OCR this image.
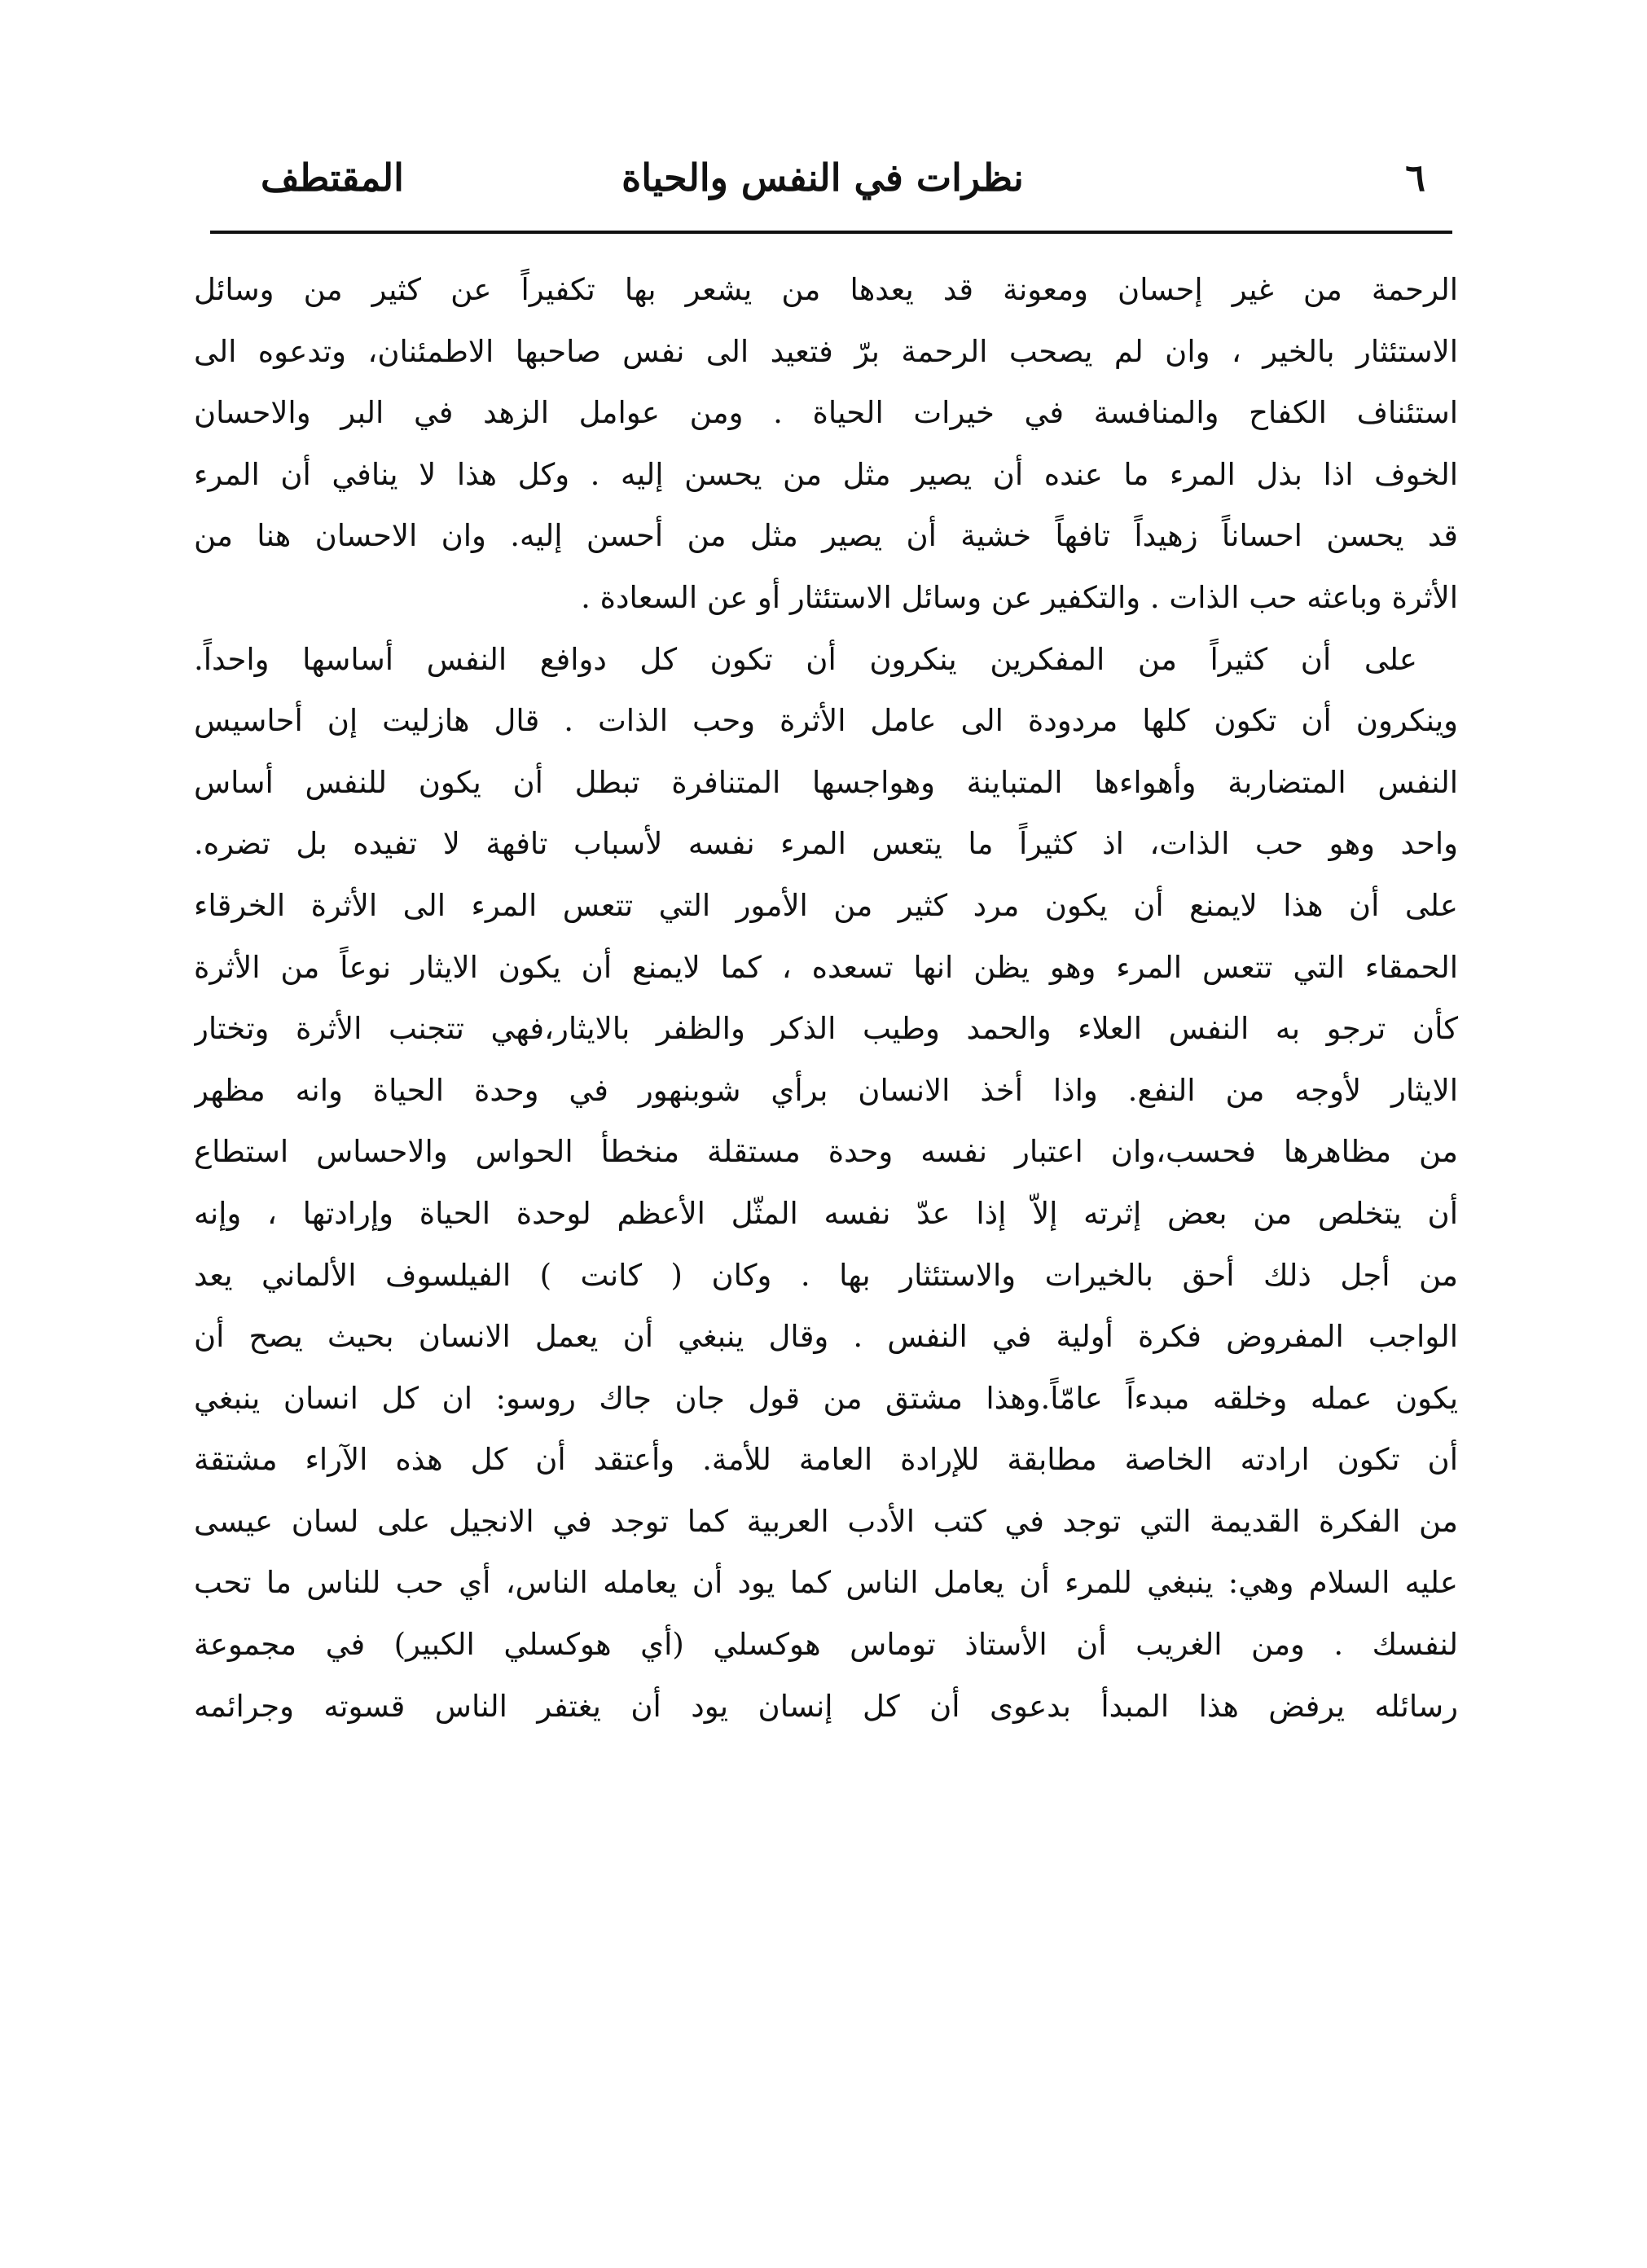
٦
نظرات في النفس والحياة
المقتطف
الرحمة من غير إحسان ومعونة قد يعدها من يشعر بها تكفيراً عن كثير من وسائل
الاستئثار بالخير ، وان لم يصحب الرحمة برّ فتعيد الى نفس صاحبها الاطمئنان، وتدعوه الى
استئناف الكفاح والمنافسة في خيرات الحياة . ومن عوامل الزهد في البر والاحسان
الخوف اذا بذل المرء ما عنده أن يصير مثل من يحسن إليه . وكل هذا لا ينافي أن المرء
قد يحسن احساناً زهيداً تافهاً خشية أن يصير مثل من أحسن إليه. وان الاحسان هنا من
الأثرة وباعثه حب الذات . والتكفير عن وسائل الاستئثار أو عن السعادة .
على أن كثيراً من المفكرين ينكرون أن تكون كل دوافع النفس أساسها واحداً.
وينكرون أن تكون كلها مردودة الى عامل الأثرة وحب الذات . قال هازليت إن أحاسيس
النفس المتضاربة وأهواءها المتباينة وهواجسها المتنافرة تبطل أن يكون للنفس أساس
واحد وهو حب الذات، اذ كثيراً ما يتعس المرء نفسه لأسباب تافهة لا تفيده بل تضره.
على أن هذا لايمنع أن يكون مرد كثير من الأمور التي تتعس المرء الى الأثرة الخرقاء
الحمقاء التي تتعس المرء وهو يظن انها تسعده ، كما لايمنع أن يكون الايثار نوعاً من الأثرة
كأن ترجو به النفس العلاء والحمد وطيب الذكر والظفر بالايثار،فهي تتجنب الأثرة وتختار
الايثار لأوجه من النفع. واذا أخذ الانسان برأي شوبنهور في وحدة الحياة وانه مظهر
من مظاهرها فحسب،وان اعتبار نفسه وحدة مستقلة منخطأ الحواس والاحساس استطاع
أن يتخلص من بعض إثرته إلاّ إذا عدّ نفسه المثّل الأعظم لوحدة الحياة وإرادتها ، وإنه
من أجل ذلك أحق بالخيرات والاستئثار بها . وكان ( كانت ) الفيلسوف الألماني يعد
الواجب المفروض فكرة أولية في النفس . وقال ينبغي أن يعمل الانسان بحيث يصح أن
يكون عمله وخلقه مبدءاً عامّاً.وهذا مشتق من قول جان جاك روسو: ان كل انسان ينبغي
أن تكون ارادته الخاصة مطابقة للإرادة العامة للأمة. وأعتقد أن كل هذه الآراء مشتقة
من الفكرة القديمة التي توجد في كتب الأدب العربية كما توجد في الانجيل على لسان عيسى
عليه السلام وهي: ينبغي للمرء أن يعامل الناس كما يود أن يعامله الناس، أي حب للناس ما تحب
لنفسك . ومن الغريب أن الأستاذ توماس هوكسلي (أي هوكسلي الكبير) في مجموعة
رسائله يرفض هذا المبدأ بدعوى أن كل إنسان يود أن يغتفر الناس قسوته وجرائمه
